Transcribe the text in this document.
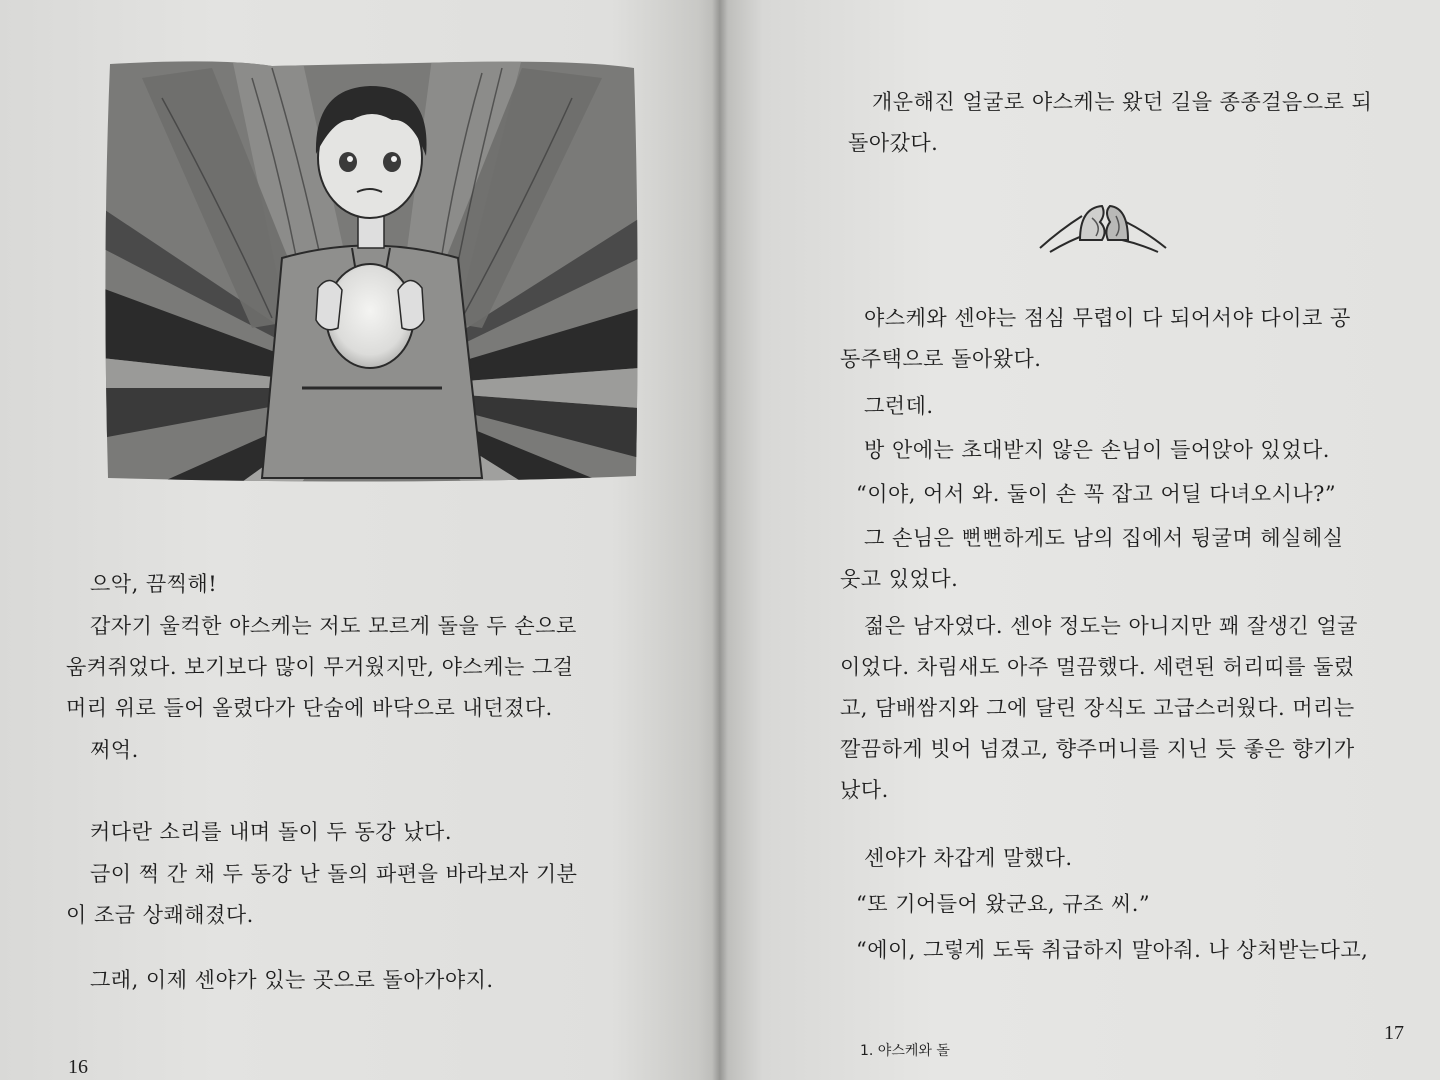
으악, 끔찍해!

갑자기 울컥한 야스케는 저도 모르게 돌을 두 손으로
움켜쥐었다. 보기보다 많이 무거웠지만, 야스케는 그걸
머리 위로 들어 올렸다가 단숨에 바닥으로 내던졌다.

쩌억.

커다란 소리를 내며 돌이 두 동강 났다.

금이 쩍 간 채 두 동강 난 돌의 파편을 바라보자 기분
이 조금 상쾌해졌다.

그래, 이제 센야가 있는 곳으로 돌아가야지.

16

개운해진 얼굴로 야스케는 왔던 길을 종종걸음으로 되
돌아갔다.

야스케와 센야는 점심 무렵이 다 되어서야 다이코 공
동주택으로 돌아왔다.

그런데.

방 안에는 초대받지 않은 손님이 들어앉아 있었다.

“이야, 어서 와. 둘이 손 꼭 잡고 어딜 다녀오시나?”

그 손님은 뻔뻔하게도 남의 집에서 뒹굴며 헤실헤실
웃고 있었다.

젊은 남자였다. 센야 정도는 아니지만 꽤 잘생긴 얼굴
이었다. 차림새도 아주 멀끔했다. 세련된 허리띠를 둘렀
고, 담배쌈지와 그에 달린 장식도 고급스러웠다. 머리는
깔끔하게 빗어 넘겼고, 향주머니를 지닌 듯 좋은 향기가
났다.

센야가 차갑게 말했다.

“또 기어들어 왔군요, 규조 씨.”

“에이, 그렇게 도둑 취급하지 말아줘. 나 상처받는다고,

1. 야스케와 돌
17
